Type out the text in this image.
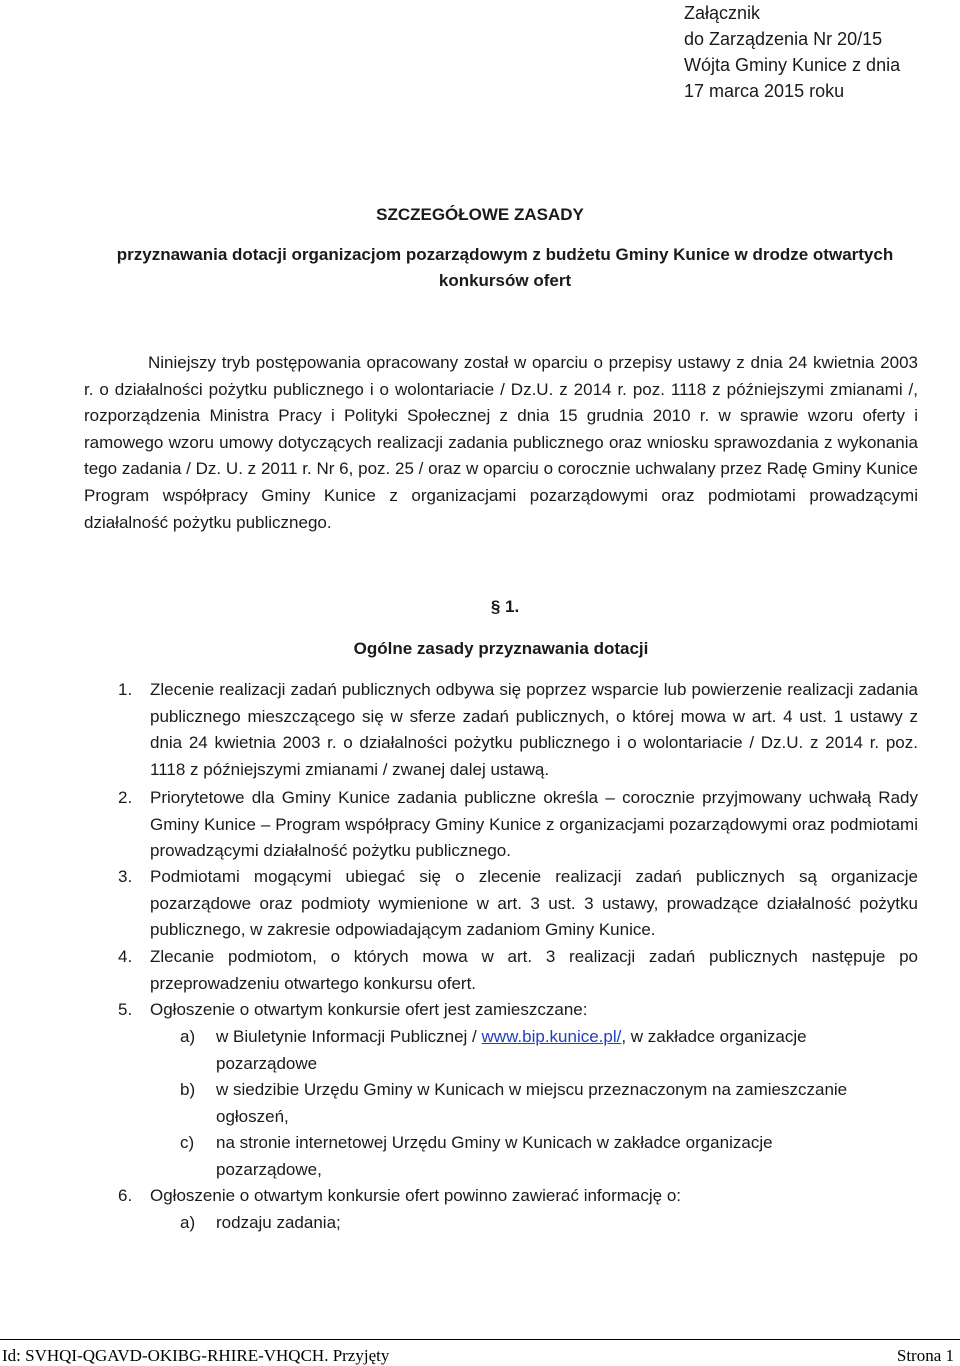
Załącznik
do Zarządzenia Nr 20/15
Wójta Gminy Kunice z dnia
17 marca 2015 roku
SZCZEGÓŁOWE ZASADY
przyznawania dotacji organizacjom pozarządowym z budżetu Gminy Kunice w drodze otwartych konkursów ofert
Niniejszy tryb postępowania opracowany został w oparciu o przepisy ustawy z dnia 24 kwietnia 2003 r. o działalności pożytku publicznego i o wolontariacie / Dz.U. z 2014 r. poz. 1118 z późniejszymi zmianami /, rozporządzenia Ministra Pracy i Polityki Społecznej z dnia 15 grudnia 2010 r. w sprawie wzoru oferty i ramowego wzoru umowy dotyczących realizacji zadania publicznego oraz wniosku sprawozdania z wykonania tego zadania / Dz. U. z 2011 r. Nr 6, poz. 25 / oraz w oparciu o corocznie uchwalany przez Radę Gminy Kunice Program współpracy Gminy Kunice z organizacjami pozarządowymi oraz podmiotami prowadzącymi działalność pożytku publicznego.
§ 1.
Ogólne zasady przyznawania dotacji
1.	Zlecenie realizacji zadań publicznych odbywa się poprzez wsparcie lub powierzenie realizacji zadania publicznego mieszczącego się w sferze zadań publicznych, o której mowa w art. 4 ust. 1 ustawy z dnia 24 kwietnia 2003 r. o działalności pożytku publicznego i o wolontariacie / Dz.U. z 2014 r. poz. 1118 z późniejszymi zmianami / zwanej dalej ustawą.
2.	Priorytetowe dla Gminy Kunice zadania publiczne określa – corocznie przyjmowany uchwałą Rady Gminy Kunice – Program współpracy Gminy Kunice z organizacjami pozarządowymi oraz podmiotami prowadzącymi działalność pożytku publicznego.
3.	Podmiotami mogącymi ubiegać się o zlecenie realizacji zadań publicznych są organizacje pozarządowe oraz podmioty wymienione w art. 3 ust. 3 ustawy, prowadzące działalność pożytku publicznego, w zakresie odpowiadającym zadaniom Gminy Kunice.
4.	Zlecanie podmiotom, o których mowa w art. 3 realizacji zadań publicznych następuje po przeprowadzeniu otwartego konkursu ofert.
5.	Ogłoszenie o otwartym konkursie ofert jest zamieszczane:
a)	w Biuletynie Informacji Publicznej / www.bip.kunice.pl/, w zakładce organizacje pozarządowe
b)	w siedzibie Urzędu Gminy w Kunicach w miejscu przeznaczonym na zamieszczanie ogłoszeń,
c)	na stronie internetowej Urzędu Gminy w Kunicach w zakładce organizacje pozarządowe,
6.	Ogłoszenie o otwartym konkursie ofert powinno zawierać informację o:
a)	rodzaju zadania;
Id: SVHQI-QGAVD-OKIBG-RHIRE-VHQCH. Przyjęty	Strona 1
